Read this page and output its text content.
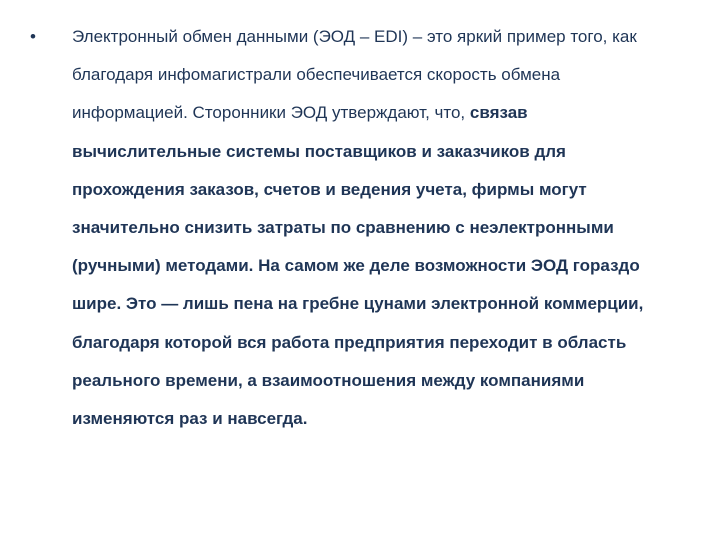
•	Электронный обмен данными (ЭОД – EDI) – это яркий пример того, как благодаря инфомагистрали обеспечивается скорость обмена информацией. Сторонники ЭОД утверждают, что, связав вычислительные системы поставщиков и заказчиков для прохождения заказов, счетов и ведения учета, фирмы могут значительно снизить затраты по сравнению с неэлектронными (ручными) методами. На самом же деле возможности ЭОД гораздо шире. Это — лишь пена на гребне цунами электронной коммерции, благодаря которой вся работа предприятия переходит в область реального времени, а взаимоотношения между компаниями изменяются раз и навсегда.
